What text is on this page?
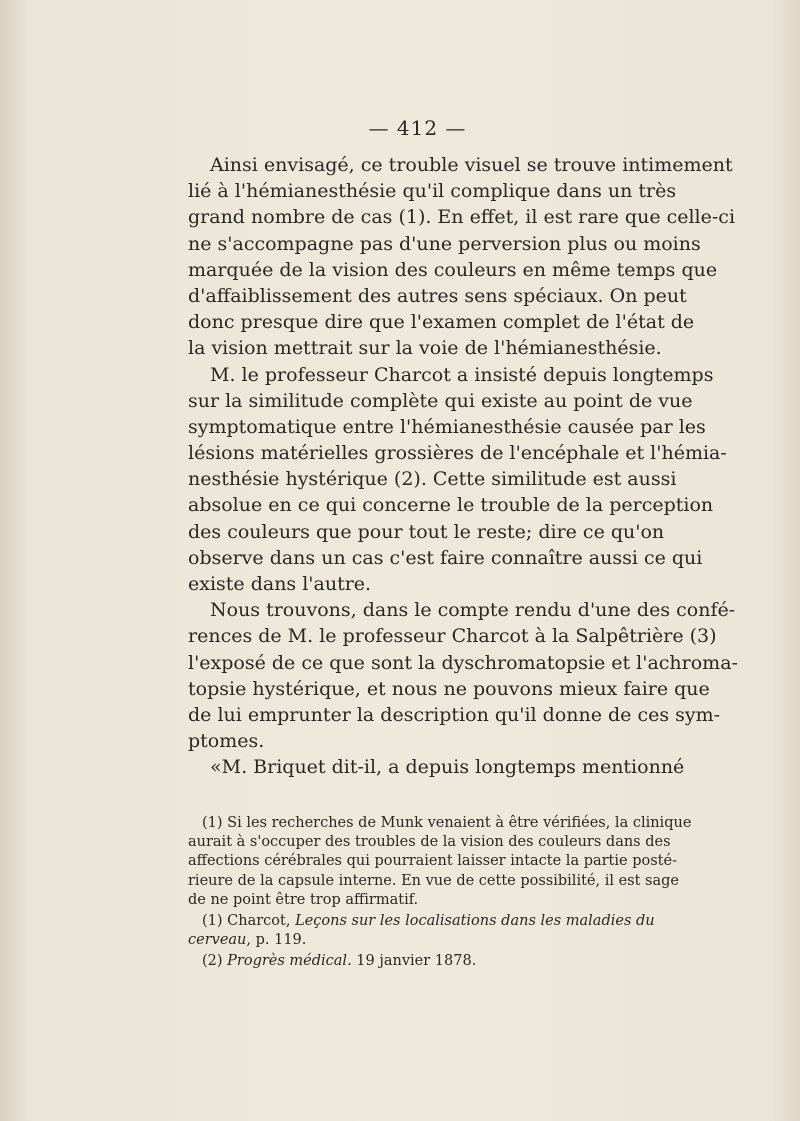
— 412 —
Ainsi envisagé, ce trouble visuel se trouve intimement
lié à l'hémianesthésie qu'il complique dans un très
grand nombre de cas (1). En effet, il est rare que celle-ci
ne s'accompagne pas d'une perversion plus ou moins
marquée de la vision des couleurs en même temps que
d'affaiblissement des autres sens spéciaux. On peut
donc presque dire que l'examen complet de l'état de
la vision mettrait sur la voie de l'hémianesthésie.
M. le professeur Charcot a insisté depuis longtemps
sur la similitude complète qui existe au point de vue
symptomatique entre l'hémianesthésie causée par les
lésions matérielles grossières de l'encéphale et l'hémia-
nesthésie hystérique (2). Cette similitude est aussi
absolue en ce qui concerne le trouble de la perception
des couleurs que pour tout le reste; dire ce qu'on
observe dans un cas c'est faire connaître aussi ce qui
existe dans l'autre.
Nous trouvons, dans le compte rendu d'une des confé-
rences de M. le professeur Charcot à la Salpêtrière (3)
l'exposé de ce que sont la dyschromatopsie et l'achroma-
topsie hystérique, et nous ne pouvons mieux faire que
de lui emprunter la description qu'il donne de ces sym-
ptomes.
«M. Briquet dit-il, a depuis longtemps mentionné
(1) Si les recherches de Munk venaient à être vérifiées, la clinique
aurait à s'occuper des troubles de la vision des couleurs dans des
affections cérébrales qui pourraient laisser intacte la partie posté-
rieure de la capsule interne. En vue de cette possibilité, il est sage
de ne point être trop affirmatif.
(1) Charcot, Leçons sur les localisations dans les maladies du
cerveau, p. 119.
(2) Progrès médical. 19 janvier 1878.
